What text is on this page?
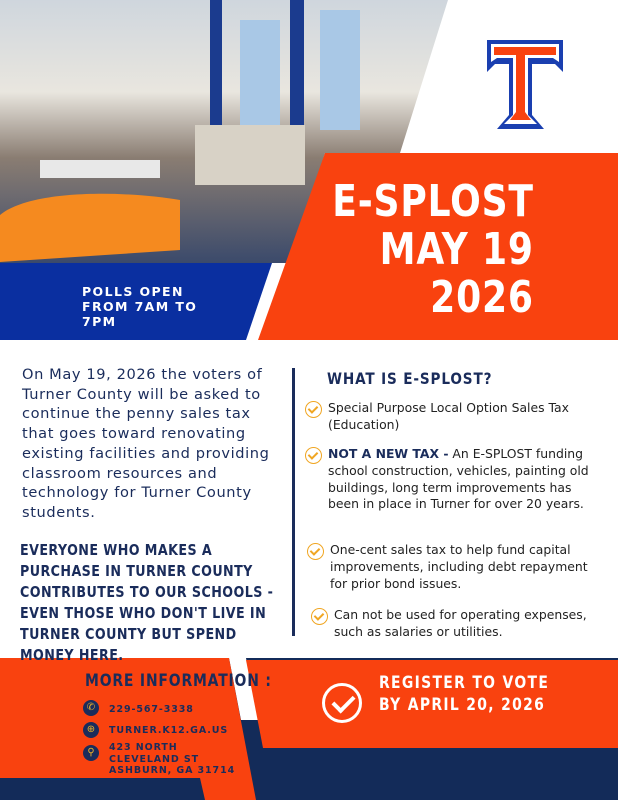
E-SPLOST
MAY 19
2026
POLLS OPEN FROM 7AM TO 7PM
On May 19, 2026 the voters of Turner County will be asked to continue the penny sales tax that goes toward renovating existing facilities and providing classroom resources and technology for Turner County students.
EVERYONE WHO MAKES A PURCHASE IN TURNER COUNTY CONTRIBUTES TO OUR SCHOOLS - EVEN THOSE WHO DON'T LIVE IN TURNER COUNTY BUT SPEND MONEY HERE.
WHAT IS E-SPLOST?
Special Purpose Local Option Sales Tax (Education)
NOT A NEW TAX - An E-SPLOST funding school construction, vehicles, painting old buildings, long term improvements has been in place in Turner for over 20 years.
One-cent sales tax to help fund capital improvements, including debt repayment for prior bond issues.
Can not be used for operating expenses, such as salaries or utilities.
MORE INFORMATION :
✆	229-567-3338
⊕	TURNER.K12.GA.US
⚲	423 NORTH
CLEVELAND ST
ASHBURN, GA 31714
REGISTER TO VOTE
BY APRIL 20, 2026
